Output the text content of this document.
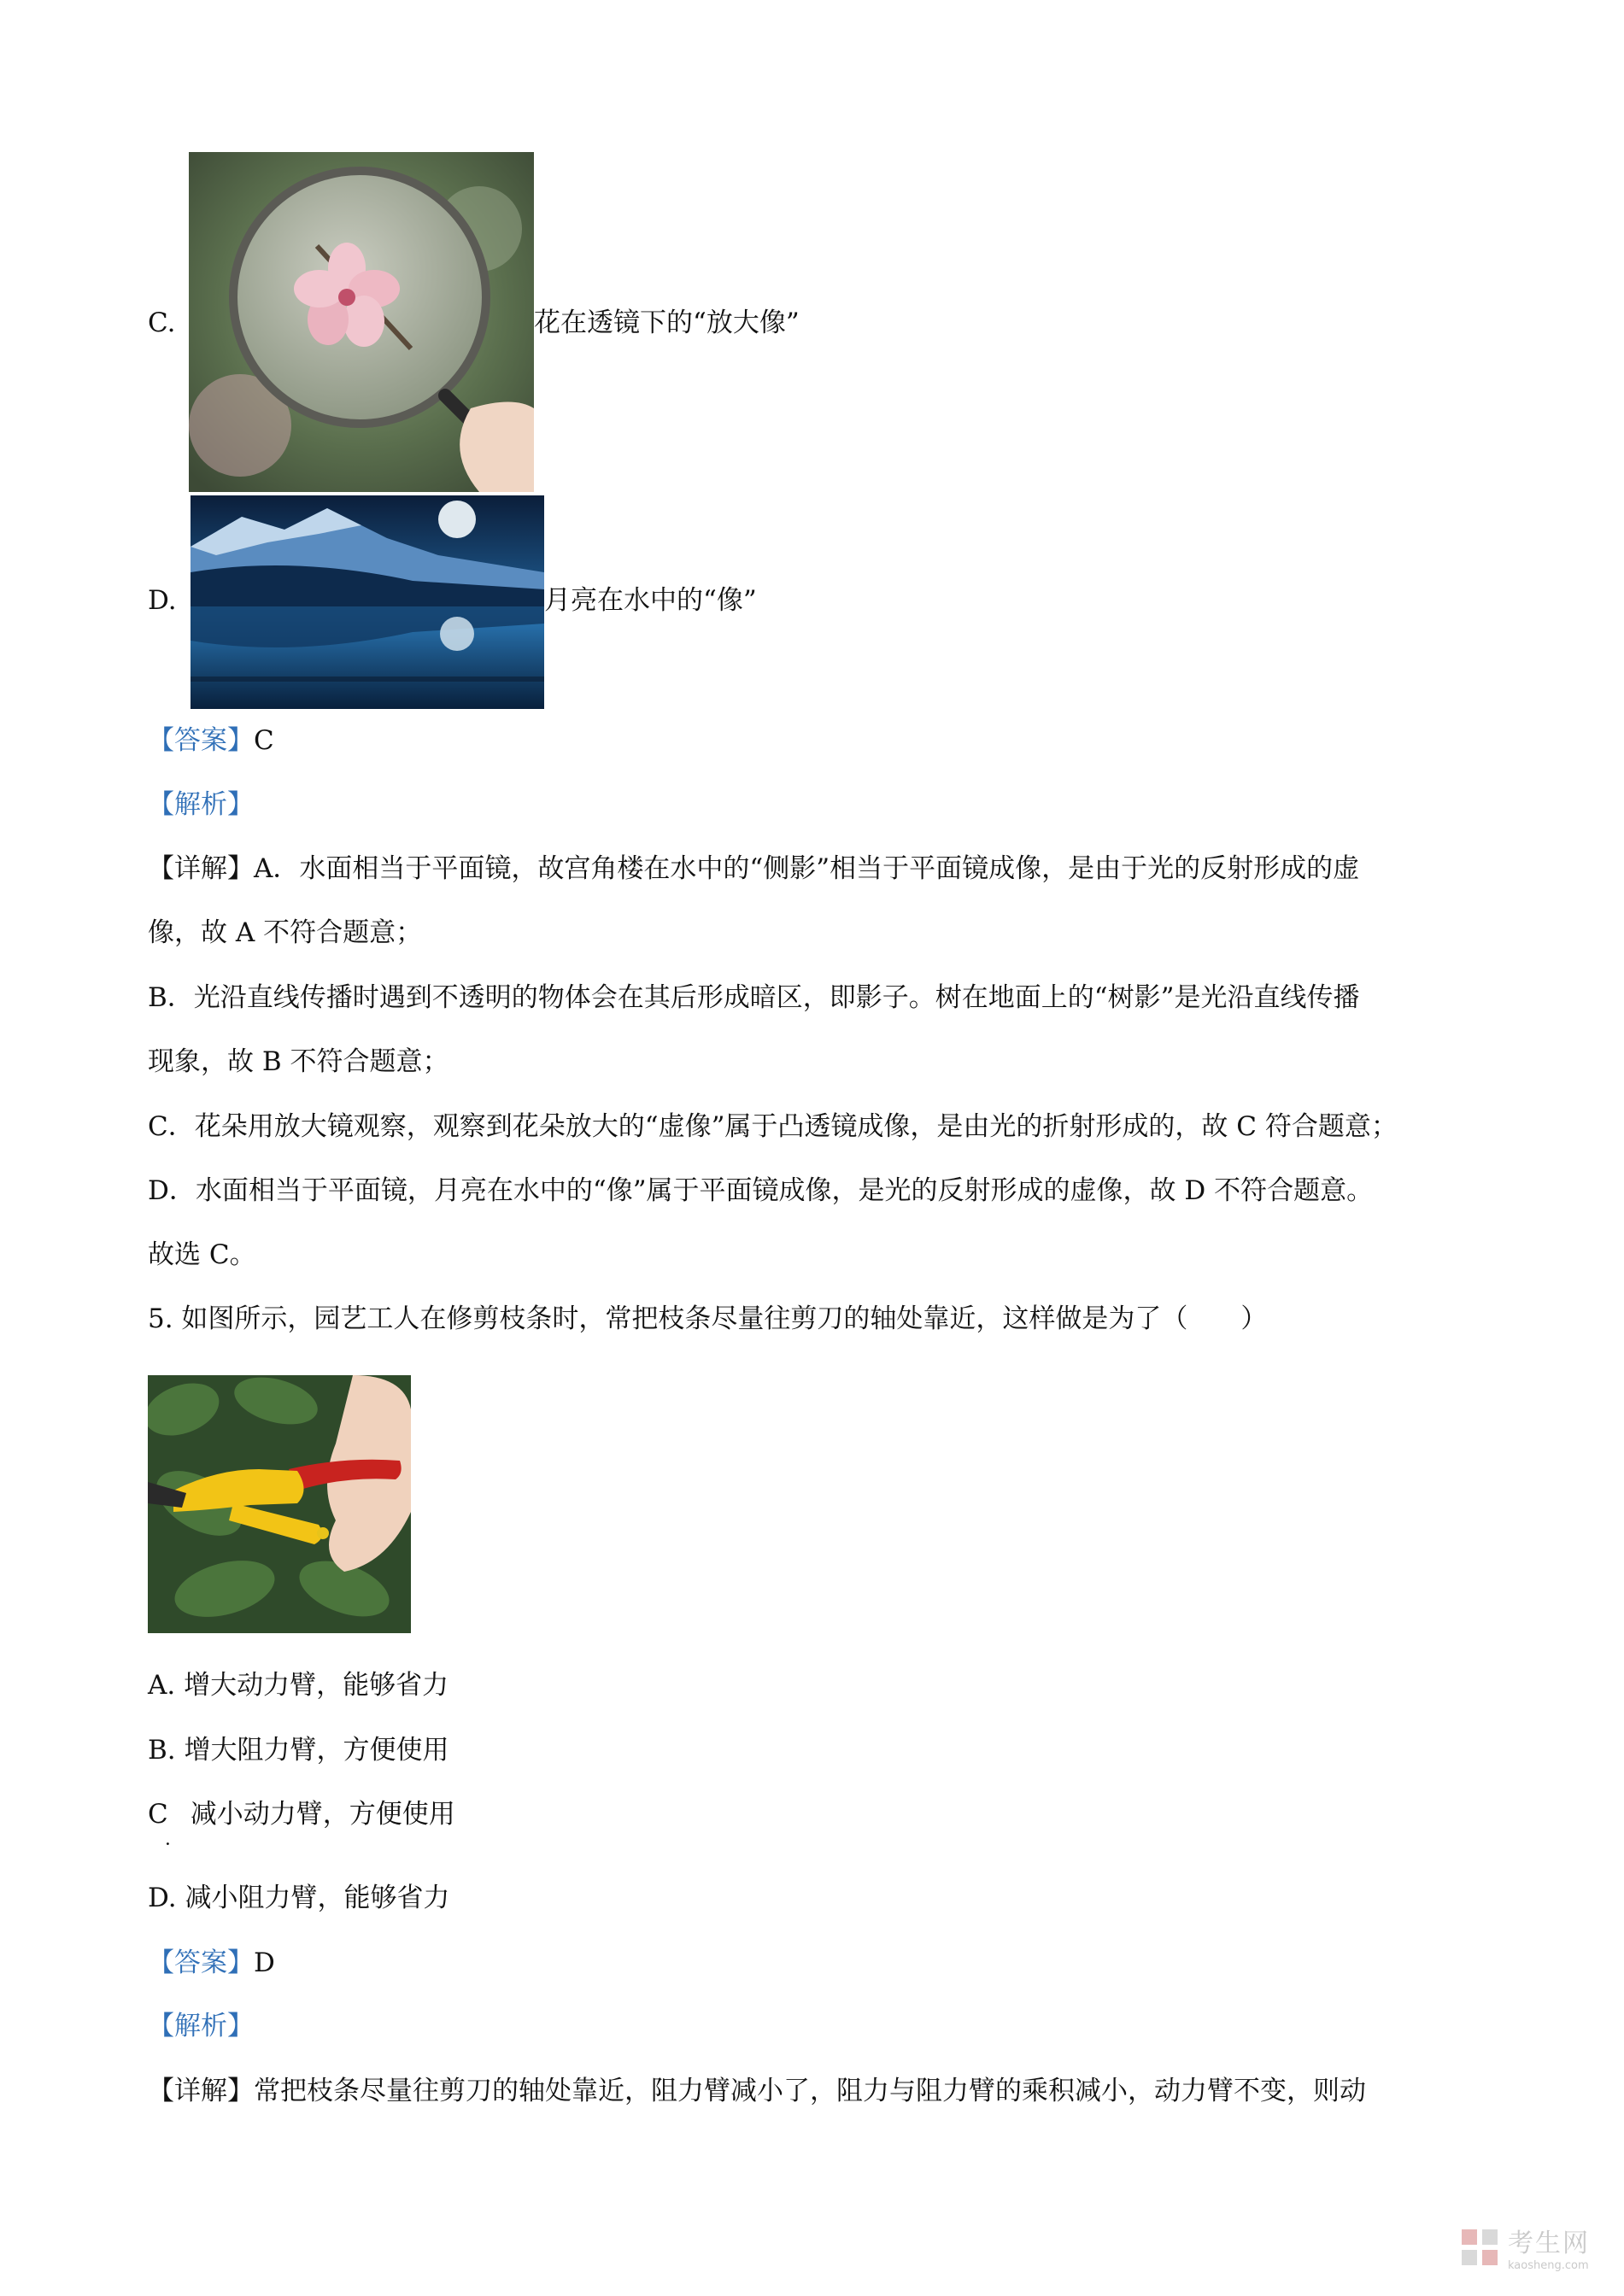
C.	花在透镜下的“放大像”
D.	月亮在水中的“像”
【答案】C
【解析】
【详解】A．水面相当于平面镜，故宫角楼在水中的“侧影”相当于平面镜成像，是由于光的反射形成的虚
像，故 A 不符合题意；
B．光沿直线传播时遇到不透明的物体会在其后形成暗区，即影子。树在地面上的“树影”是光沿直线传播
现象，故 B 不符合题意；
C．花朵用放大镜观察，观察到花朵放大的“虚像”属于凸透镜成像，是由光的折射形成的，故 C 符合题意；
D．水面相当于平面镜，月亮在水中的“像”属于平面镜成像，是光的反射形成的虚像，故 D 不符合题意。
故选 C。
5. 如图所示，园艺工人在修剪枝条时，常把枝条尽量往剪刀的轴处靠近，这样做是为了（　　）
A. 增大动力臂，能够省力
B. 增大阻力臂，方便使用
C 减小动力臂，方便使用
．
D. 减小阻力臂，能够省力
【答案】D
【解析】
【详解】常把枝条尽量往剪刀的轴处靠近，阻力臂减小了，阻力与阻力臂的乘积减小，动力臂不变，则动
考生网
kaosheng.com
